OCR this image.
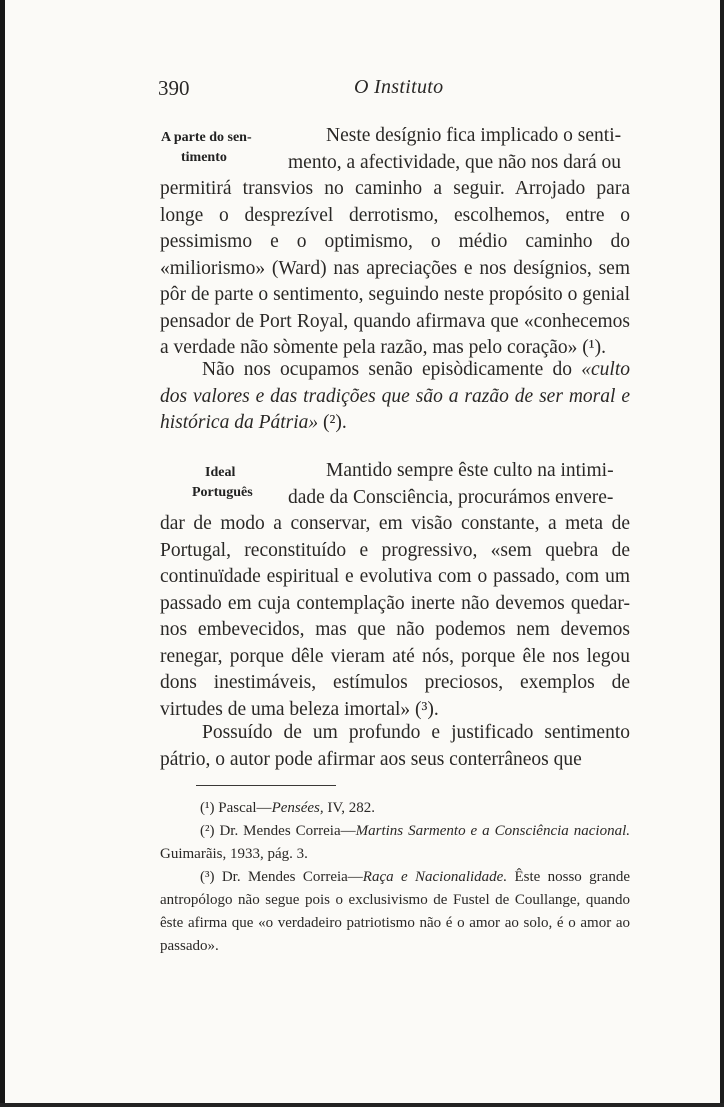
390	O Instituto
A parte do sen-
timento

Neste desígnio fica implicado o senti-
mento, a afectividade, que não nos dará ou
permitirá transvios no caminho a seguir. Arrojado para longe o desprezível derrotismo, escolhemos, entre o pessimismo e o optimismo, o médio caminho do «miliorismo» (Ward) nas apreciações e nos desígnios, sem pôr de parte o sentimento, seguindo neste propósito o genial pensador de Port Royal, quando afirmava que «conhecemos a verdade não sòmente pela razão, mas pelo coração» (¹).

Não nos ocupamos senão episòdicamente do «culto dos valores e das tradições que são a razão de ser moral e histórica da Pátria» (²).

Ideal
Português

Mantido sempre êste culto na intimi-
dade da Consciência, procurámos envere-
dar de modo a conservar, em visão constante, a meta de Portugal, reconstituído e progressivo, «sem quebra de continuïdade espiritual e evolutiva com o passado, com um passado em cuja contemplação inerte não devemos quedar-nos embevecidos, mas que não podemos nem devemos renegar, porque dêle vieram até nós, porque êle nos legou dons inestimáveis, estímulos preciosos, exemplos de virtudes de uma beleza imortal» (³).

Possuído de um profundo e justificado sentimento pátrio, o autor pode afirmar aos seus conterrâneos que

(¹) Pascal—Pensées, IV, 282.

(²) Dr. Mendes Correia—Martins Sarmento e a Consciência nacional. Guimarãis, 1933, pág. 3.

(³) Dr. Mendes Correia—Raça e Nacionalidade. Êste nosso grande antropólogo não segue pois o exclusivismo de Fustel de Coullange, quando êste afirma que «o verdadeiro patriotismo não é o amor ao solo, é o amor ao passado».
